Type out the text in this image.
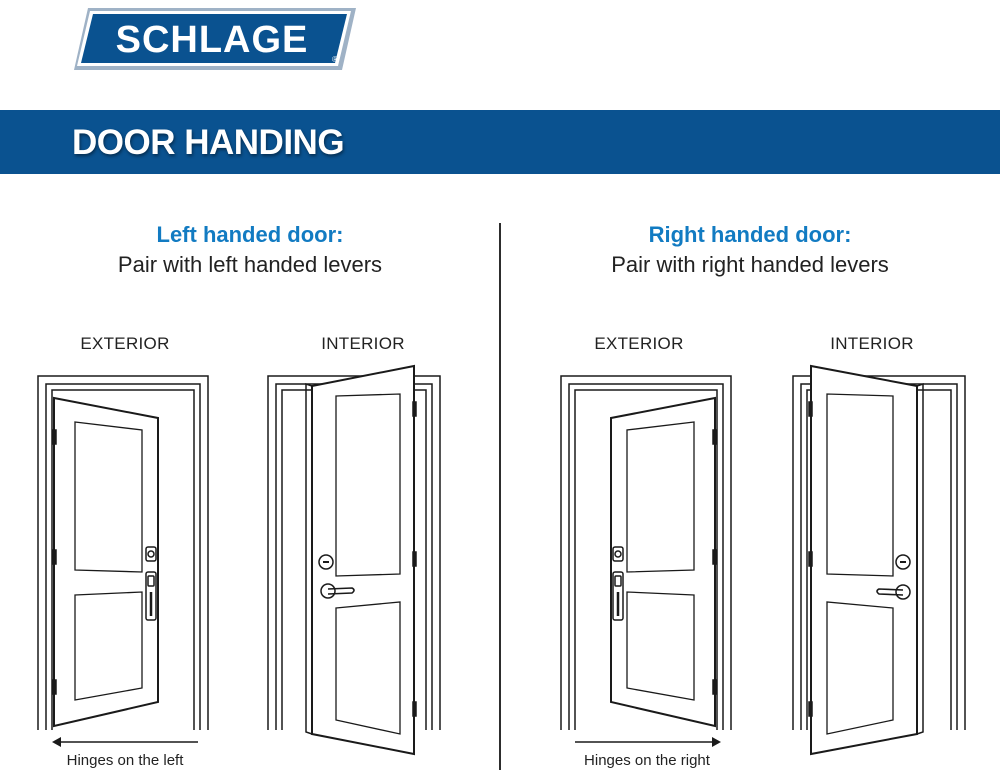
SCHLAGE	®
DOOR HANDING
Left handed door:
Pair with left handed levers
EXTERIOR	INTERIOR
Hinges on the left
Right handed door:
Pair with right handed levers
EXTERIOR	INTERIOR
Hinges on the right
